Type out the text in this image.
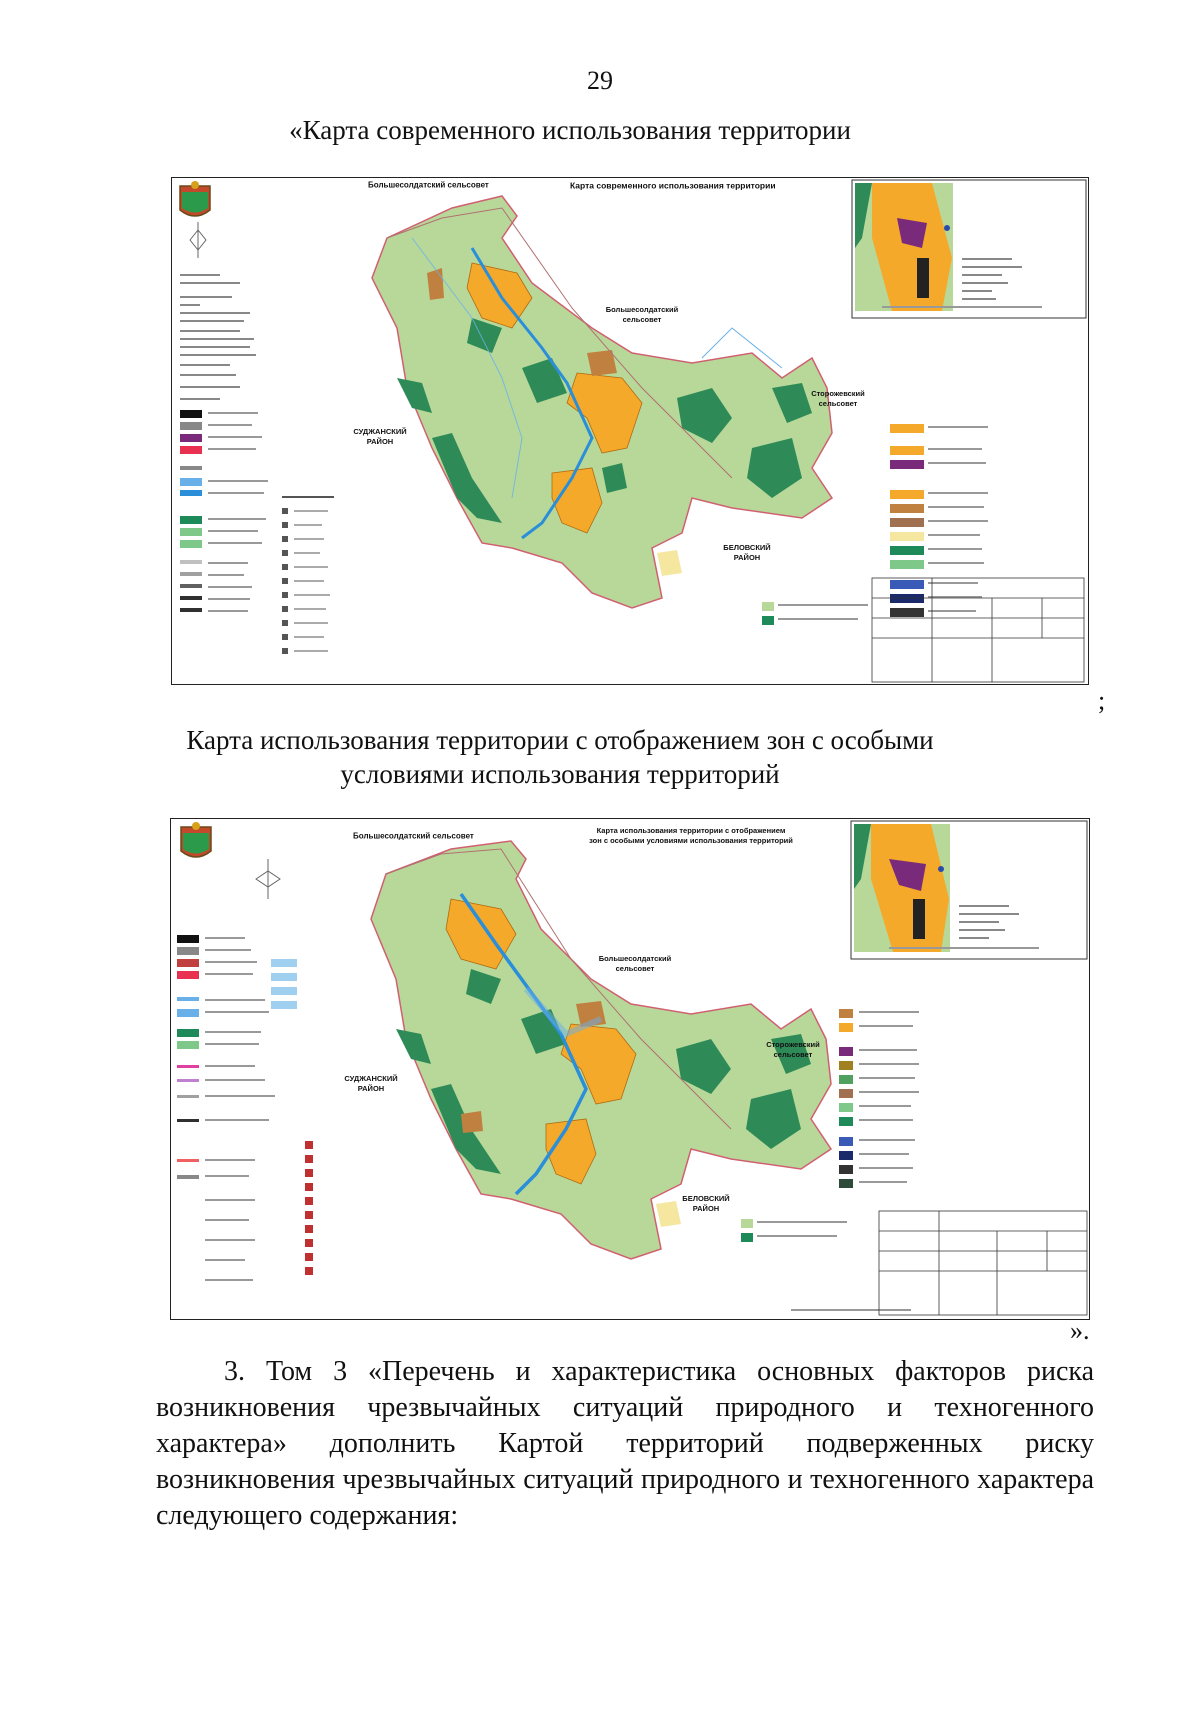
29
«Карта современного использования территории
Большесолдатский сельсовет	Карта современного использования территории
Большесолдатский
сельсовет
Сторожевский
сельсовет
СУДЖАНСКИЙ
РАЙОН
БЕЛОВСКИЙ
РАЙОН
;
Карта использования территории с отображением зон с особыми
условиями использования территорий
Большесолдатский сельсовет
Карта использования территории с отображением
зон с особыми условиями использования территорий
Большесолдатский
сельсовет
Сторожевский
сельсовет
СУДЖАНСКИЙ
РАЙОН
БЕЛОВСКИЙ
РАЙОН
».

3. Том 3 «Перечень и характеристика основных факторов риска возникновения чрезвычайных ситуаций природного и техногенного характера» дополнить Картой территорий подверженных риску возникновения чрезвычайных ситуаций природного и техногенного характера следующего содержания:
